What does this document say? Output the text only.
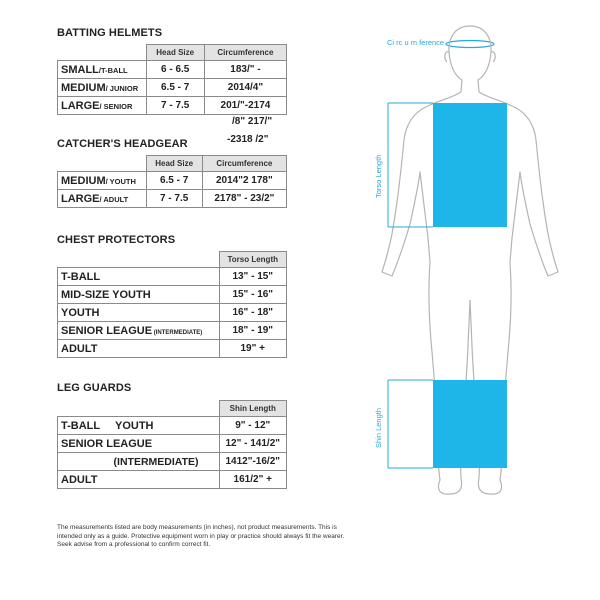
BATTING HELMETS
	Head Size	Circumference
SMALL/T-BALL	6 - 6.5	183/" -
MEDIUM/ JUNIOR	6.5 - 7	2014/4"
LARGE/ SENIOR	7 - 7.5	201/"-2174
/8" 217/"
-2318 /2"
CATCHER'S HEADGEAR
	Head Size	Circumference
MEDIUM/ YOUTH	6.5 - 7	2014"2 178"
LARGE/ ADULT	7 - 7.5	2178" - 23/2"
CHEST PROTECTORS
	Torso Length
T-BALL	13" - 15"
MID-SIZE YOUTH	15" - 16"
YOUTH	16" - 18"
SENIOR LEAGUE (INTERMEDIATE)	18" - 19"
ADULT	19" +
LEG GUARDS
	Shin Length
T-BALL     YOUTH	9" - 12"
SENIOR LEAGUE	12" - 141/2"
(INTERMEDIATE)	1412"-16/2"
ADULT	161/2" +
The measurements listed are body measurements (in inches), not product measurements. This is intended only as a guide. Protective equipment worn in play or practice should always fit the wearer. Seek advise from a professional to confirm correct fit.
Ci rc u m ference
Torso Length
Shin Length
